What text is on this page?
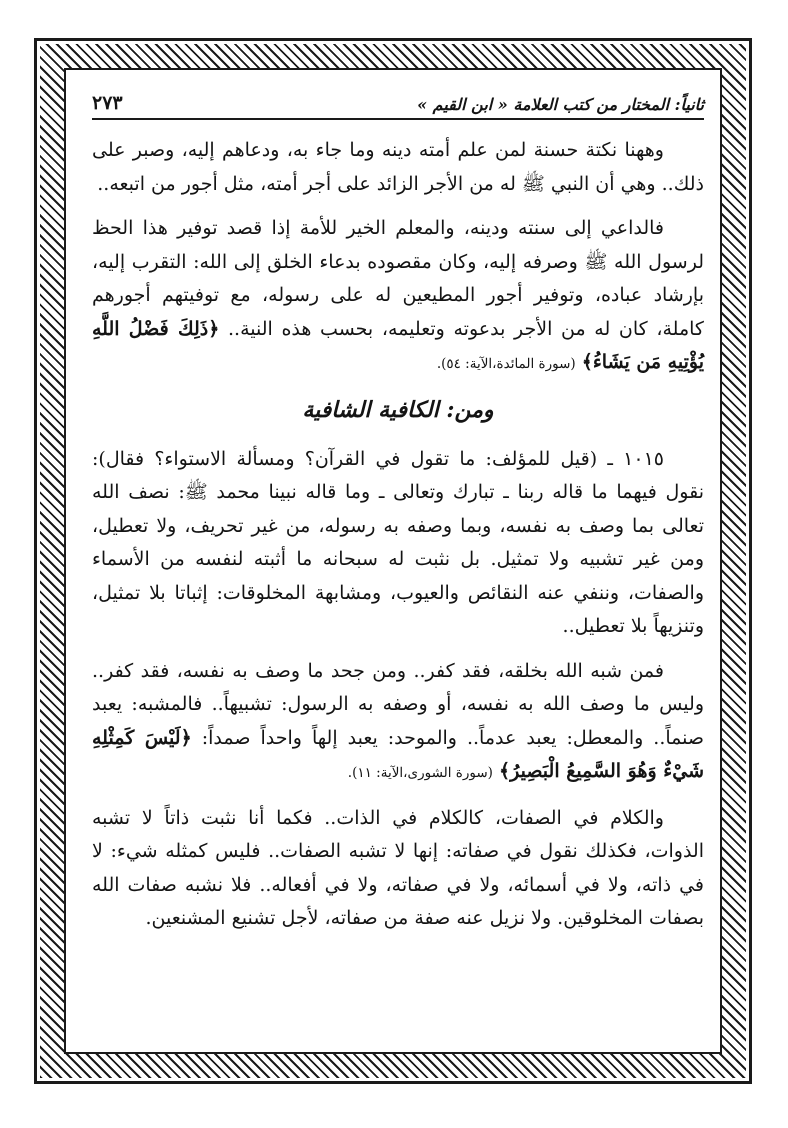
ثانياً: المختار من كتب العلامة « ابن القيم »
٢٧٣

وههنا نكتة حسنة لمن علم أمته دينه وما جاء به، ودعاهم إليه، وصبر على ذلك.. وهي أن النبي ﷺ له من الأجر الزائد على أجر أمته، مثل أجور من اتبعه..

فالداعي إلى سنته ودينه، والمعلم الخير للأمة إذا قصد توفير هذا الحظ لرسول الله ﷺ وصرفه إليه، وكان مقصوده بدعاء الخلق إلى الله: التقرب إليه، بإرشاد عباده، وتوفير أجور المطيعين له على رسوله، مع توفيتهم أجورهم كاملة، كان له من الأجر بدعوته وتعليمه، بحسب هذه النية.. ﴿ذَلِكَ فَضْلُ اللَّهِ يُؤْتِيهِ مَن يَشَاءُ﴾ (سورة المائدة،الآية: ٥٤).

ومن: الكافية الشافية

١٠١٥ ـ (قيل للمؤلف: ما تقول في القرآن؟ ومسألة الاستواء؟ فقال): نقول فيهما ما قاله ربنا ـ تبارك وتعالى ـ وما قاله نبينا محمد ﷺ: نصف الله تعالى بما وصف به نفسه، وبما وصفه به رسوله، من غير تحريف، ولا تعطيل، ومن غير تشبيه ولا تمثيل. بل نثبت له سبحانه ما أثبته لنفسه من الأسماء والصفات، وننفي عنه النقائص والعيوب، ومشابهة المخلوقات: إثباتا بلا تمثيل، وتنزيهاً بلا تعطيل..

فمن شبه الله بخلقه، فقد كفر.. ومن جحد ما وصف به نفسه، فقد كفر.. وليس ما وصف الله به نفسه، أو وصفه به الرسول: تشبيهاً.. فالمشبه: يعبد صنماً.. والمعطل: يعبد عدماً.. والموحد: يعبد إلهاً واحداً صمداً: ﴿لَيْسَ كَمِثْلِهِ شَيْءٌ وَهُوَ السَّمِيعُ الْبَصِيرُ﴾ (سورة الشورى،الآية: ١١).

والكلام في الصفات، كالكلام في الذات.. فكما أنا نثبت ذاتاً لا تشبه الذوات، فكذلك نقول في صفاته: إنها لا تشبه الصفات.. فليس كمثله شيء: لا في ذاته، ولا في أسمائه، ولا في صفاته، ولا في أفعاله.. فلا نشبه صفات الله بصفات المخلوقين. ولا نزيل عنه صفة من صفاته، لأجل تشنيع المشنعين.
